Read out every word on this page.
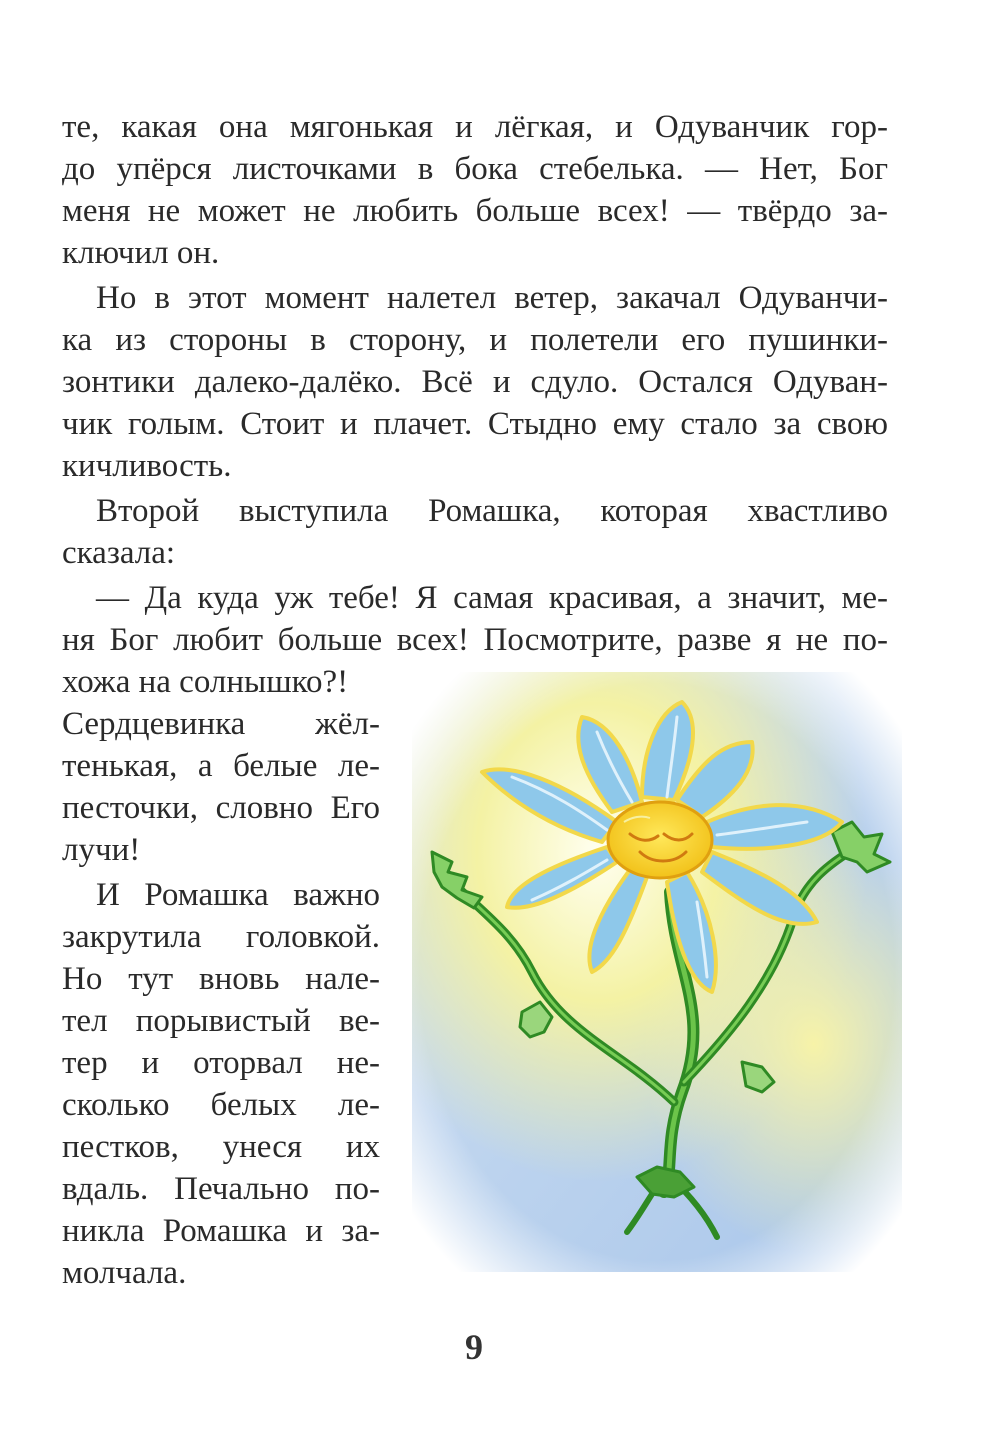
те, какая она мягонькая и лёгкая, и Одуванчик гор-
до упёрся листочками в бока стебелька. — Нет, Бог
меня не может не любить больше всех! — твёрдо за-
ключил он.
Но в этот момент налетел ветер, закачал Одуванчи-
ка из стороны в сторону, и полетели его пушинки-
зонтики далеко-далёко. Всё и сдуло. Остался Одуван-
чик голым. Стоит и плачет. Стыдно ему стало за свою
кичливость.
Второй выступила Ромашка, которая хвастливо
сказала:
— Да куда уж тебе! Я самая красивая, а значит, ме-
ня Бог любит больше всех! Посмотрите, разве я не по-
хожа на солнышко?!
Сердцевинка жёл-
тенькая, а белые ле-
песточки, словно Его
лучи!
И Ромашка важно
закрутила головкой.
Но тут вновь нале-
тел порывистый ве-
тер и оторвал не-
сколько белых ле-
пестков, унеся их
вдаль. Печально по-
никла Ромашка и за-
молчала.
9
